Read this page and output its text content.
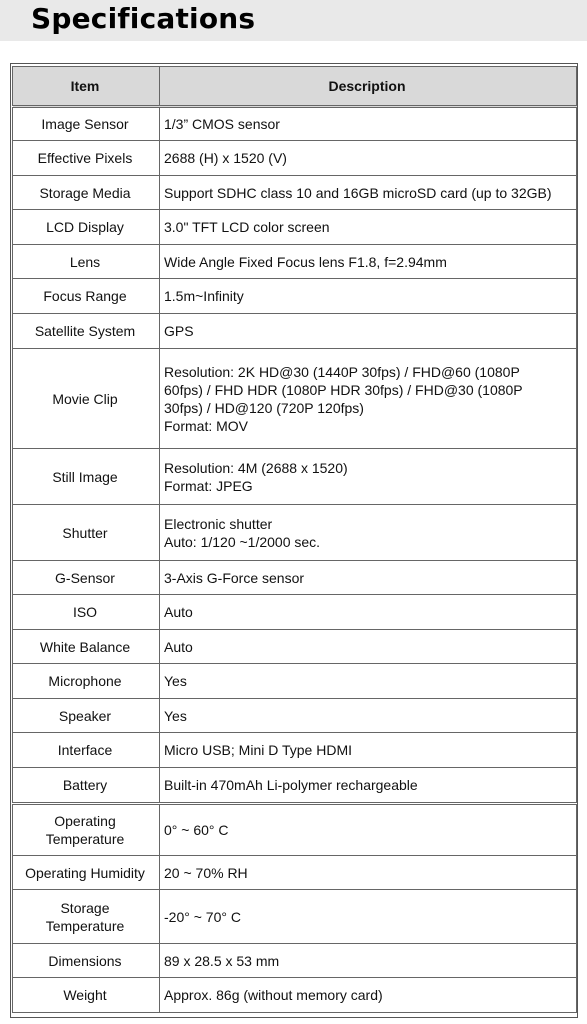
Specifications
Item	Description

Image Sensor	1/3” CMOS sensor

Effective Pixels	2688 (H) x 1520 (V)

Storage Media	Support SDHC class 10 and 16GB microSD card (up to 32GB)

LCD Display	3.0" TFT LCD color screen

Lens	Wide Angle Fixed Focus lens F1.8, f=2.94mm

Focus Range	1.5m~Infinity

Satellite System	GPS

Movie Clip	Resolution: 2K HD@30 (1440P 30fps) / FHD@60 (1080P
60fps) / FHD HDR (1080P HDR 30fps) / FHD@30 (1080P
30fps) / HD@120 (720P 120fps)
Format: MOV

Still Image	Resolution: 4M (2688 x 1520)
Format: JPEG

Shutter	Electronic shutter
Auto: 1/120 ~1/2000 sec.

G-Sensor	3-Axis G-Force sensor

ISO	Auto

White Balance	Auto

Microphone	Yes

Speaker	Yes

Interface	Micro USB; Mini D Type HDMI

Battery	Built-in 470mAh Li-polymer rechargeable

Operating
Temperature	0° ~ 60° C

Operating Humidity	20 ~ 70% RH

Storage
Temperature	-20° ~ 70° C

Dimensions	89 x 28.5 x 53 mm

Weight	Approx. 86g (without memory card)
